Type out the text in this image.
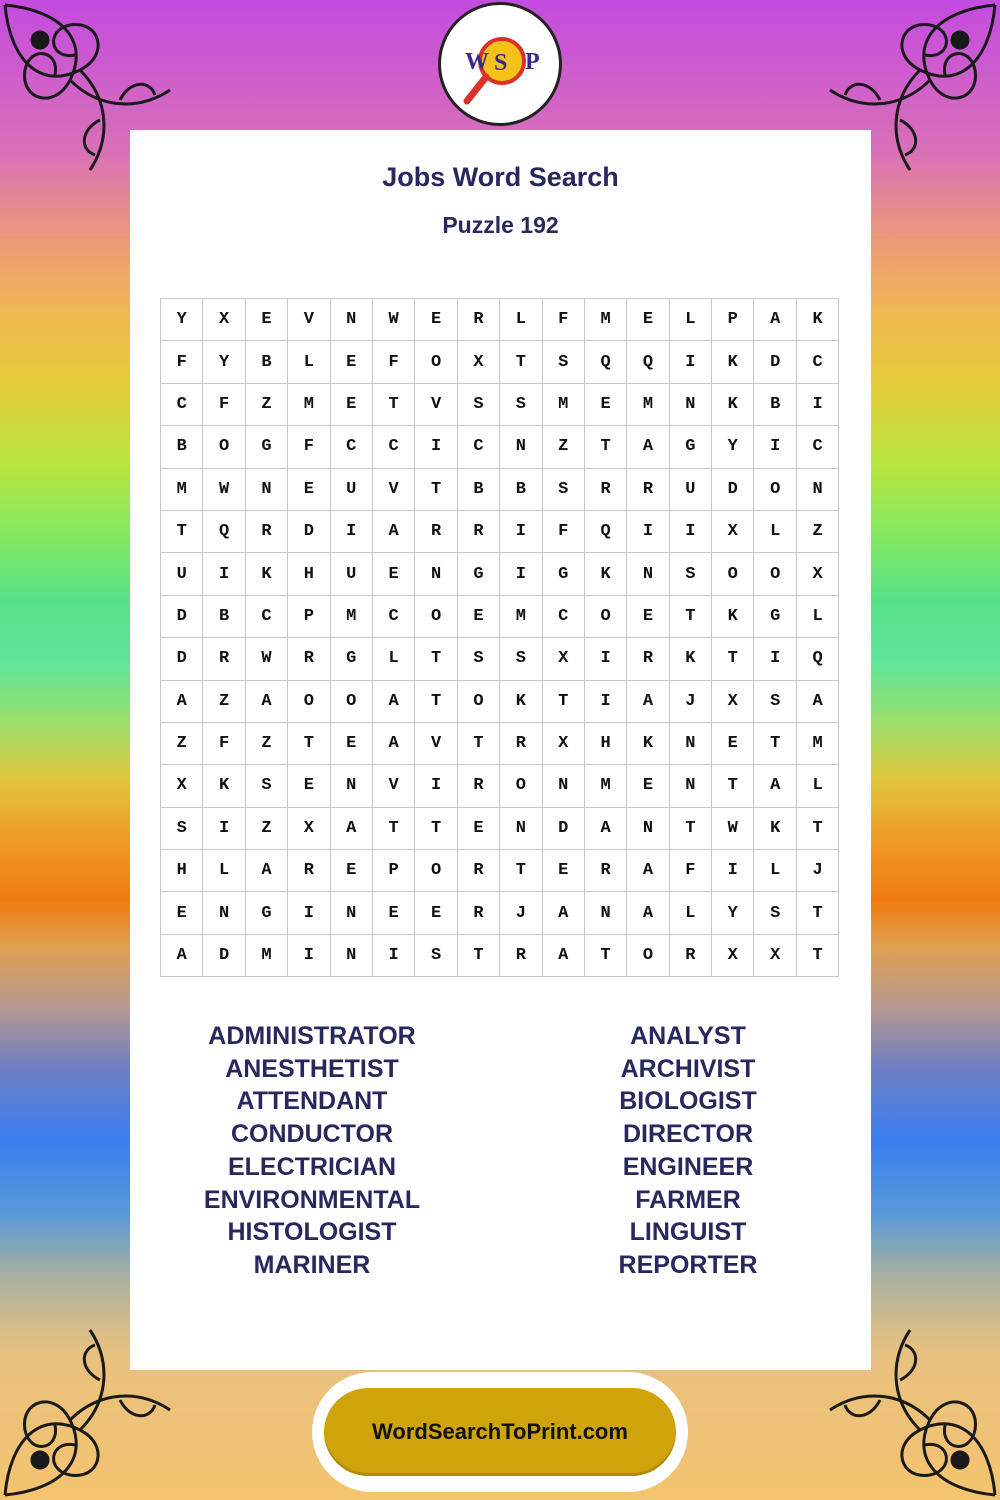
W S P
Jobs Word Search
Puzzle 192
Y	X	E	V	N	W	E	R	L	F	M	E	L	P	A	K
F	Y	B	L	E	F	O	X	T	S	Q	Q	I	K	D	C
C	F	Z	M	E	T	V	S	S	M	E	M	N	K	B	I
B	O	G	F	C	C	I	C	N	Z	T	A	G	Y	I	C
M	W	N	E	U	V	T	B	B	S	R	R	U	D	O	N
T	Q	R	D	I	A	R	R	I	F	Q	I	I	X	L	Z
U	I	K	H	U	E	N	G	I	G	K	N	S	O	O	X
D	B	C	P	M	C	O	E	M	C	O	E	T	K	G	L
D	R	W	R	G	L	T	S	S	X	I	R	K	T	I	Q
A	Z	A	O	O	A	T	O	K	T	I	A	J	X	S	A
Z	F	Z	T	E	A	V	T	R	X	H	K	N	E	T	M
X	K	S	E	N	V	I	R	O	N	M	E	N	T	A	L
S	I	Z	X	A	T	T	E	N	D	A	N	T	W	K	T
H	L	A	R	E	P	O	R	T	E	R	A	F	I	L	J
E	N	G	I	N	E	E	R	J	A	N	A	L	Y	S	T
A	D	M	I	N	I	S	T	R	A	T	O	R	X	X	T
ADMINISTRATOR
ANESTHETIST
ATTENDANT
CONDUCTOR
ELECTRICIAN
ENVIRONMENTAL
HISTOLOGIST
MARINER
ANALYST
ARCHIVIST
BIOLOGIST
DIRECTOR
ENGINEER
FARMER
LINGUIST
REPORTER
WordSearchToPrint.com
